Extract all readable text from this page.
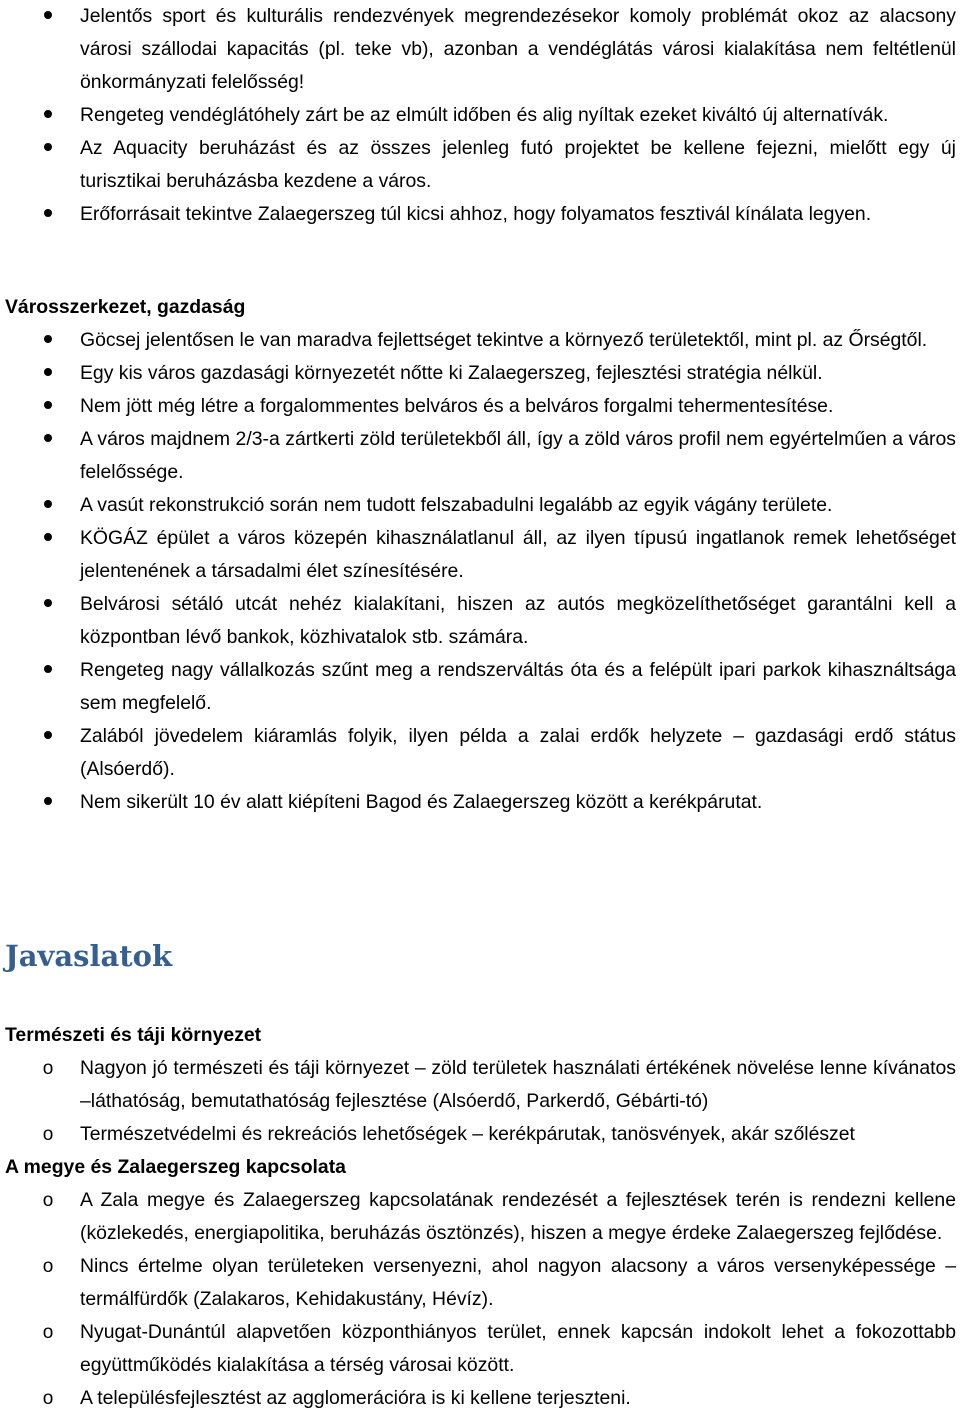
Jelentős sport és kulturális rendezvények megrendezésekor komoly problémát okoz az alacsony városi szállodai kapacitás (pl. teke vb), azonban a vendéglátás városi kialakítása nem feltétlenül önkormányzati felelősség!
Rengeteg vendéglátóhely zárt be az elmúlt időben és alig nyíltak ezeket kiváltó új alternatívák.
Az Aquacity beruházást és az összes jelenleg futó projektet be kellene fejezni, mielőtt egy új turisztikai beruházásba kezdene a város.
Erőforrásait tekintve Zalaegerszeg túl kicsi ahhoz, hogy folyamatos fesztivál kínálata legyen.

Városszerkezet, gazdaság

Göcsej jelentősen le van maradva fejlettséget tekintve a környező területektől, mint pl. az Őrségtől.
Egy kis város gazdasági környezetét nőtte ki Zalaegerszeg, fejlesztési stratégia nélkül.
Nem jött még létre a forgalommentes belváros és a belváros forgalmi tehermentesítése.
A város majdnem 2/3-a zártkerti zöld területekből áll, így a zöld város profil nem egyértelműen a város felelőssége.
A vasút rekonstrukció során nem tudott felszabadulni legalább az egyik vágány területe.
KÖGÁZ épület a város közepén kihasználatlanul áll, az ilyen típusú ingatlanok remek lehetőséget jelentenének a társadalmi élet színesítésére.
Belvárosi sétáló utcát nehéz kialakítani, hiszen az autós megközelíthetőséget garantálni kell a központban lévő bankok, közhivatalok stb. számára.
Rengeteg nagy vállalkozás szűnt meg a rendszerváltás óta és a felépült ipari parkok kihasználtsága sem megfelelő.
Zalából jövedelem kiáramlás folyik, ilyen példa a zalai erdők helyzete – gazdasági erdő státus (Alsóerdő).
Nem sikerült 10 év alatt kiépíteni Bagod és Zalaegerszeg között a kerékpárutat.
Javaslatok

Természeti és táji környezet

o	Nagyon jó természeti és táji környezet – zöld területek használati értékének növelése lenne kívánatos –láthatóság, bemutathatóság fejlesztése (Alsóerdő, Parkerdő, Gébárti-tó)
o	Természetvédelmi és rekreációs lehetőségek – kerékpárutak, tanösvények, akár szőlészet

A megye és Zalaegerszeg kapcsolata

o	A Zala megye és Zalaegerszeg kapcsolatának rendezését a fejlesztések terén is rendezni kellene (közlekedés, energiapolitika, beruházás ösztönzés), hiszen a megye érdeke Zalaegerszeg fejlődése.
o	Nincs értelme olyan területeken versenyezni, ahol nagyon alacsony a város versenyképessége – termálfürdők (Zalakaros, Kehidakustány, Hévíz).
o	Nyugat-Dunántúl alapvetően központhiányos terület, ennek kapcsán indokolt lehet a fokozottabb együttműködés kialakítása a térség városai között.
o	A településfejlesztést az agglomerációra is ki kellene terjeszteni.
